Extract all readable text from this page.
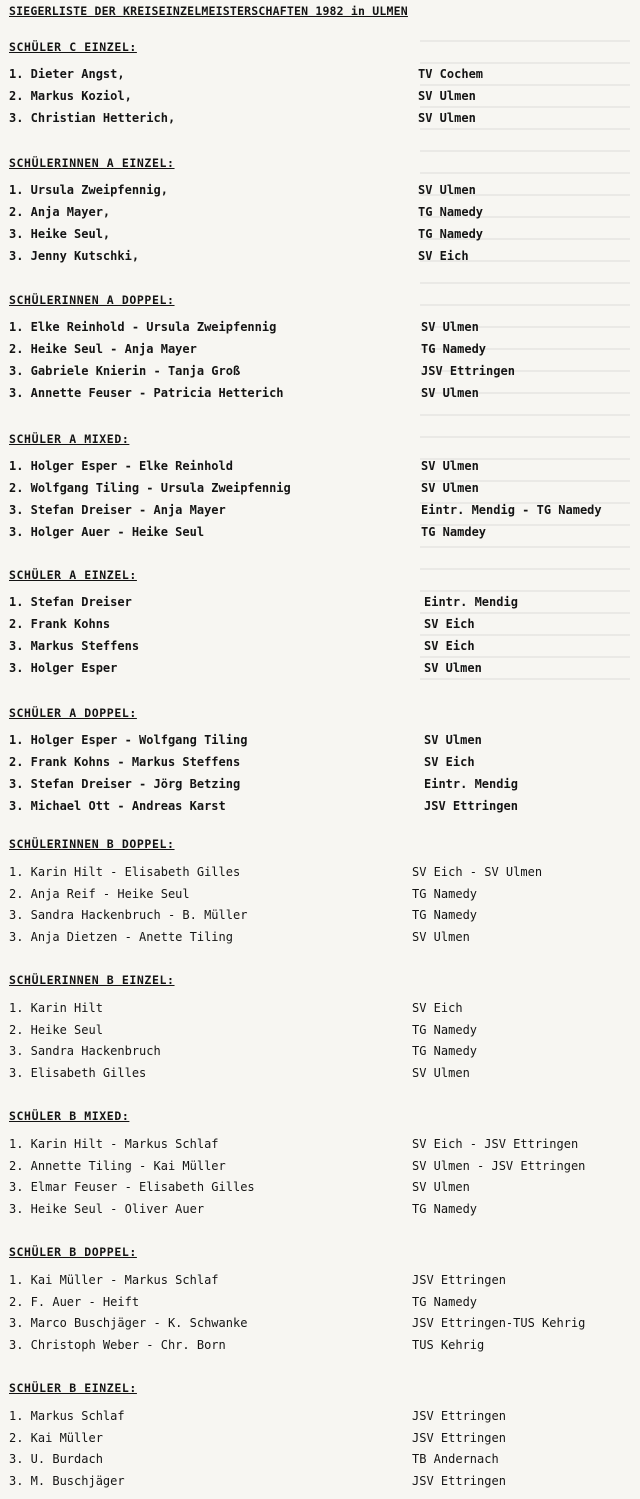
SIEGERLISTE DER KREISEINZELMEISTERSCHAFTEN 1982 in ULMEN
SCHÜLER C EINZEL:
1. Dieter Angst,	TV Cochem
2. Markus Koziol,	SV Ulmen
3. Christian Hetterich,	SV Ulmen
SCHÜLERINNEN A EINZEL:
1. Ursula Zweipfennig,	SV Ulmen
2. Anja Mayer,	TG Namedy
3. Heike Seul,	TG Namedy
3. Jenny Kutschki,	SV Eich
SCHÜLERINNEN A DOPPEL:
1. Elke Reinhold - Ursula Zweipfennig	SV Ulmen
2. Heike Seul - Anja Mayer	TG Namedy
3. Gabriele Knierin - Tanja Groß	JSV Ettringen
3. Annette Feuser - Patricia Hetterich	SV Ulmen
SCHÜLER A MIXED:
1. Holger Esper - Elke Reinhold	SV Ulmen
2. Wolfgang Tiling - Ursula Zweipfennig	SV Ulmen
3. Stefan Dreiser - Anja Mayer	Eintr. Mendig - TG Namedy
3. Holger Auer - Heike Seul	TG Namdey
SCHÜLER A EINZEL:
1. Stefan Dreiser	Eintr. Mendig
2. Frank Kohns	SV Eich
3. Markus Steffens	SV Eich
3. Holger Esper	SV Ulmen
SCHÜLER A DOPPEL:
1. Holger Esper - Wolfgang Tiling	SV Ulmen
2. Frank Kohns - Markus Steffens	SV Eich
3. Stefan Dreiser - Jörg Betzing	Eintr. Mendig
3. Michael Ott - Andreas Karst	JSV Ettringen
SCHÜLERINNEN B DOPPEL:
1. Karin Hilt - Elisabeth Gilles	SV Eich - SV Ulmen
2. Anja Reif - Heike Seul	TG Namedy
3. Sandra Hackenbruch - B. Müller	TG Namedy
3. Anja Dietzen - Anette Tiling	SV Ulmen
SCHÜLERINNEN B EINZEL:
1. Karin Hilt	SV Eich
2. Heike Seul	TG Namedy
3. Sandra Hackenbruch	TG Namedy
3. Elisabeth Gilles	SV Ulmen
SCHÜLER B MIXED:
1. Karin Hilt - Markus Schlaf	SV Eich - JSV Ettringen
2. Annette Tiling - Kai Müller	SV Ulmen - JSV Ettringen
3. Elmar Feuser - Elisabeth Gilles	SV Ulmen
3. Heike Seul - Oliver Auer	TG Namedy
SCHÜLER B DOPPEL:
1. Kai Müller - Markus Schlaf	JSV Ettringen
2. F. Auer - Heift	TG Namedy
3. Marco Buschjäger - K. Schwanke	JSV Ettringen-TUS Kehrig
3. Christoph Weber - Chr. Born	TUS Kehrig
SCHÜLER B EINZEL:
1. Markus Schlaf	JSV Ettringen
2. Kai Müller	JSV Ettringen
3. U. Burdach	TB Andernach
3. M. Buschjäger	JSV Ettringen
